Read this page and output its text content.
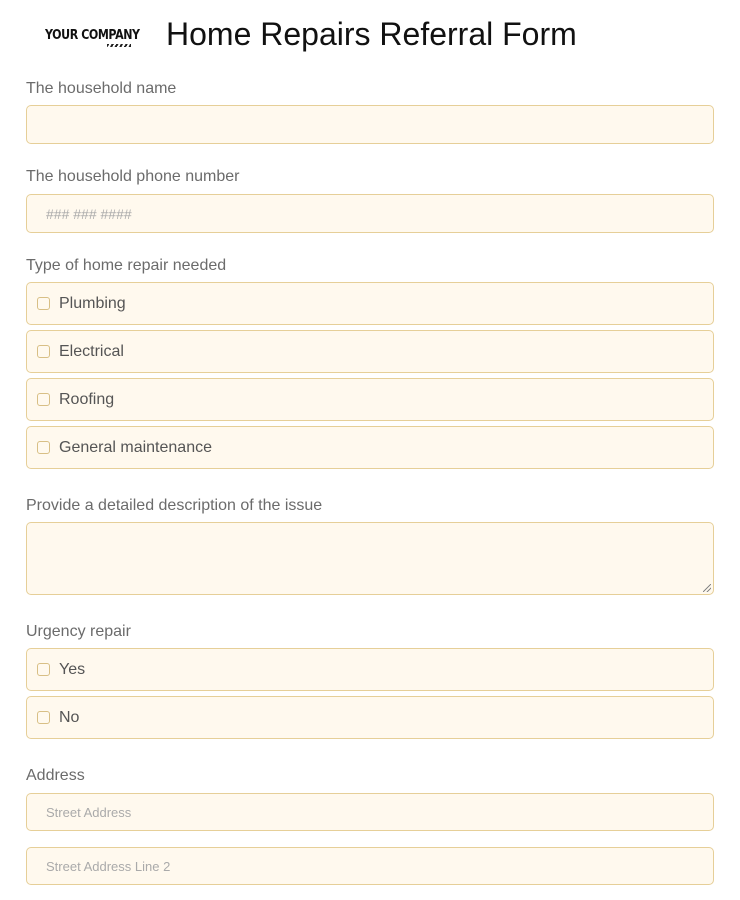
YOUR COMPANY Home Repairs Referral Form
The household name
The household phone number
### ### ####
Type of home repair needed
Plumbing
Electrical
Roofing
General maintenance
Provide a detailed description of the issue
Urgency repair
Yes
No
Address
Street Address
Street Address Line 2
